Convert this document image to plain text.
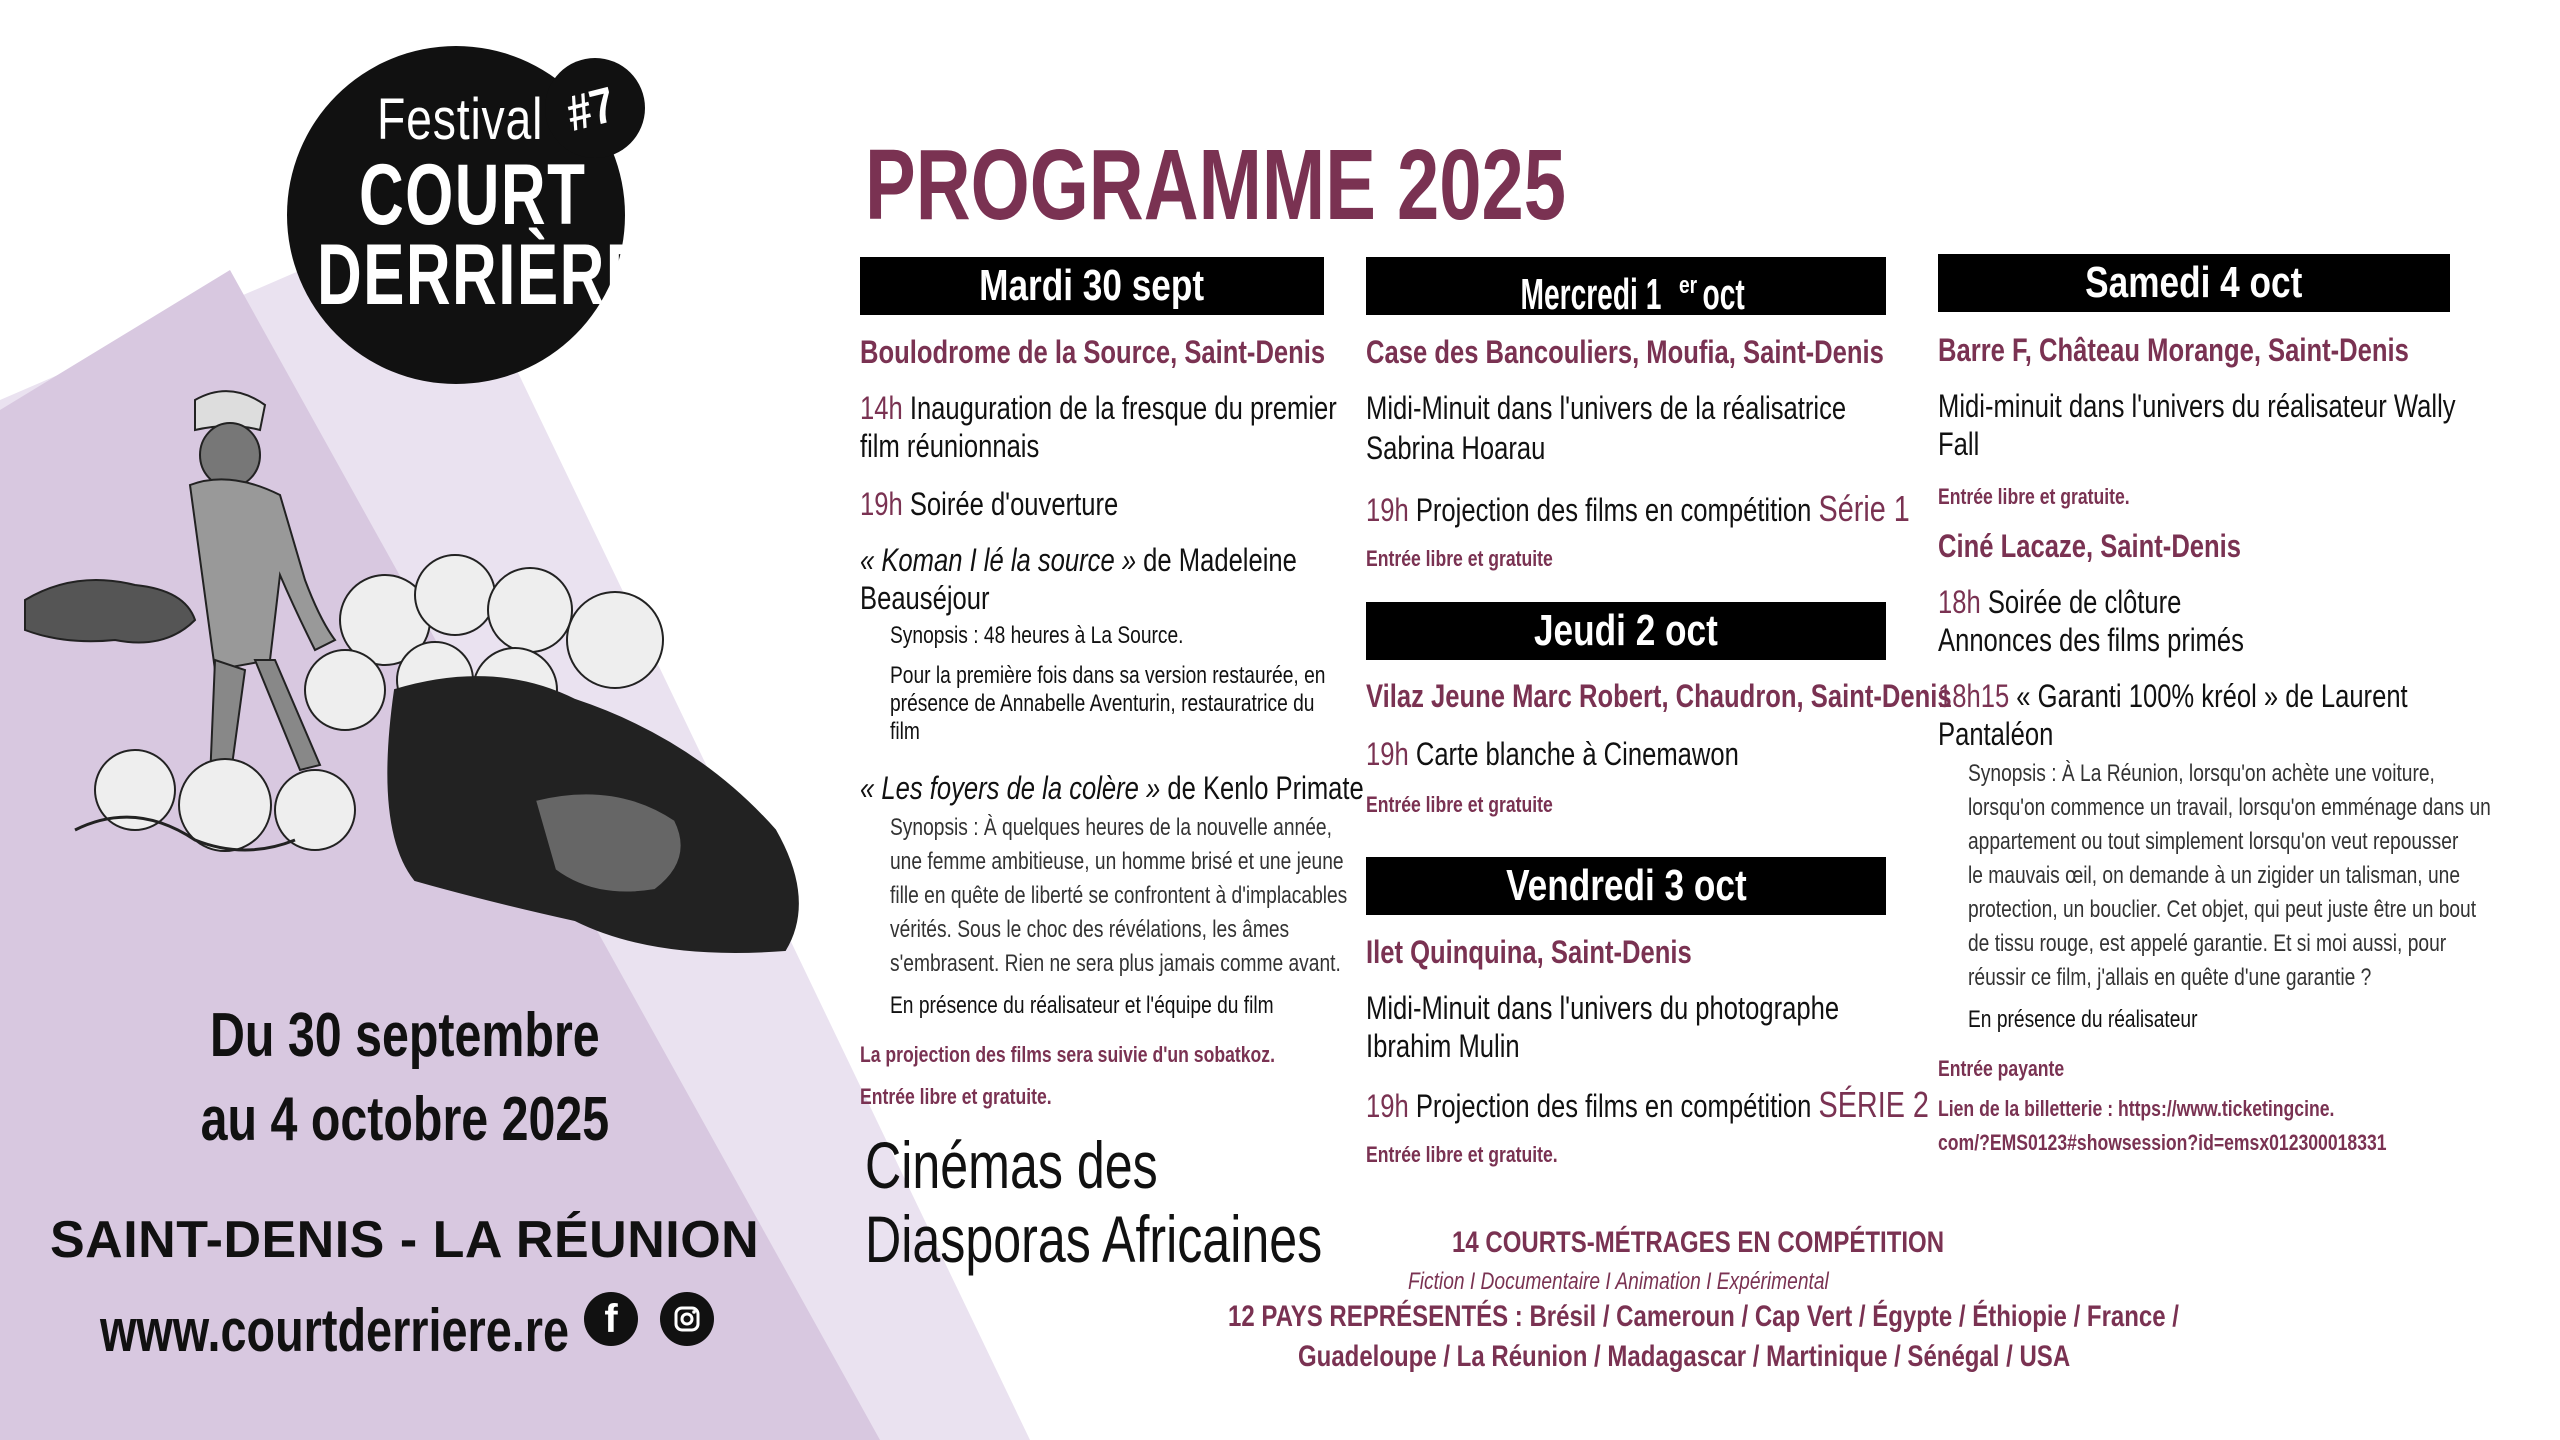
Festival
COURT
DERRIÈRE
#7
Du 30 septembre
au 4 octobre 2025
SAINT-DENIS - LA RÉUNION
www.courtderriere.re f
PROGRAMME 2025
Mardi 30 sept
Boulodrome de la Source, Saint-Denis
14h Inauguration de la fresque du premier
film réunionnais
19h Soirée d'ouverture
« Koman I lé la source » de Madeleine
Beauséjour
Synopsis : 48 heures à La Source.
Pour la première fois dans sa version restaurée, en
présence de Annabelle Aventurin, restauratrice du
film
« Les foyers de la colère » de Kenlo Primate
Synopsis : À quelques heures de la nouvelle année,
une femme ambitieuse, un homme brisé et une jeune
fille en quête de liberté se confrontent à d'implacables
vérités. Sous le choc des révélations, les âmes
s'embrasent. Rien ne sera plus jamais comme avant.
En présence du réalisateur et l'équipe du film
La projection des films sera suivie d'un sobatkoz.
Entrée libre et gratuite.
Cinémas des
Diasporas Africaines
Mercredi 1 $^{er}$oct
Case des Bancouliers, Moufia, Saint-Denis
Midi-Minuit dans l'univers de la réalisatrice
Sabrina Hoarau
19h Projection des films en compétition Série 1
Entrée libre et gratuite
Jeudi 2 oct
Vilaz Jeune Marc Robert, Chaudron, Saint-Denis
19h Carte blanche à Cinemawon
Entrée libre et gratuite
Vendredi 3 oct
Ilet Quinquina, Saint-Denis
Midi-Minuit dans l'univers du photographe
Ibrahim Mulin
19h Projection des films en compétition SÉRIE 2
Entrée libre et gratuite.
Samedi 4 oct
Barre F, Château Morange, Saint-Denis
Midi-minuit dans l'univers du réalisateur Wally
Fall
Entrée libre et gratuite.
Ciné Lacaze, Saint-Denis
18h Soirée de clôture
Annonces des films primés
18h15 « Garanti 100% kréol » de Laurent
Pantaléon
Synopsis : À La Réunion, lorsqu'on achète une voiture,
lorsqu'on commence un travail, lorsqu'on emménage dans un
appartement ou tout simplement lorsqu'on veut repousser
le mauvais œil, on demande à un zigider un talisman, une
protection, un bouclier. Cet objet, qui peut juste être un bout
de tissu rouge, est appelé garantie. Et si moi aussi, pour
réussir ce film, j'allais en quête d'une garantie ?
En présence du réalisateur
Entrée payante
Lien de la billetterie : https://www.ticketingcine.
com/?EMS0123#showsession?id=emsx012300018331
14 COURTS-MÉTRAGES EN COMPÉTITION
Fiction I Documentaire I Animation I Expérimental
12 PAYS REPRÉSENTÉS : Brésil / Cameroun / Cap Vert / Égypte / Éthiopie / France /
Guadeloupe / La Réunion / Madagascar / Martinique / Sénégal / USA
